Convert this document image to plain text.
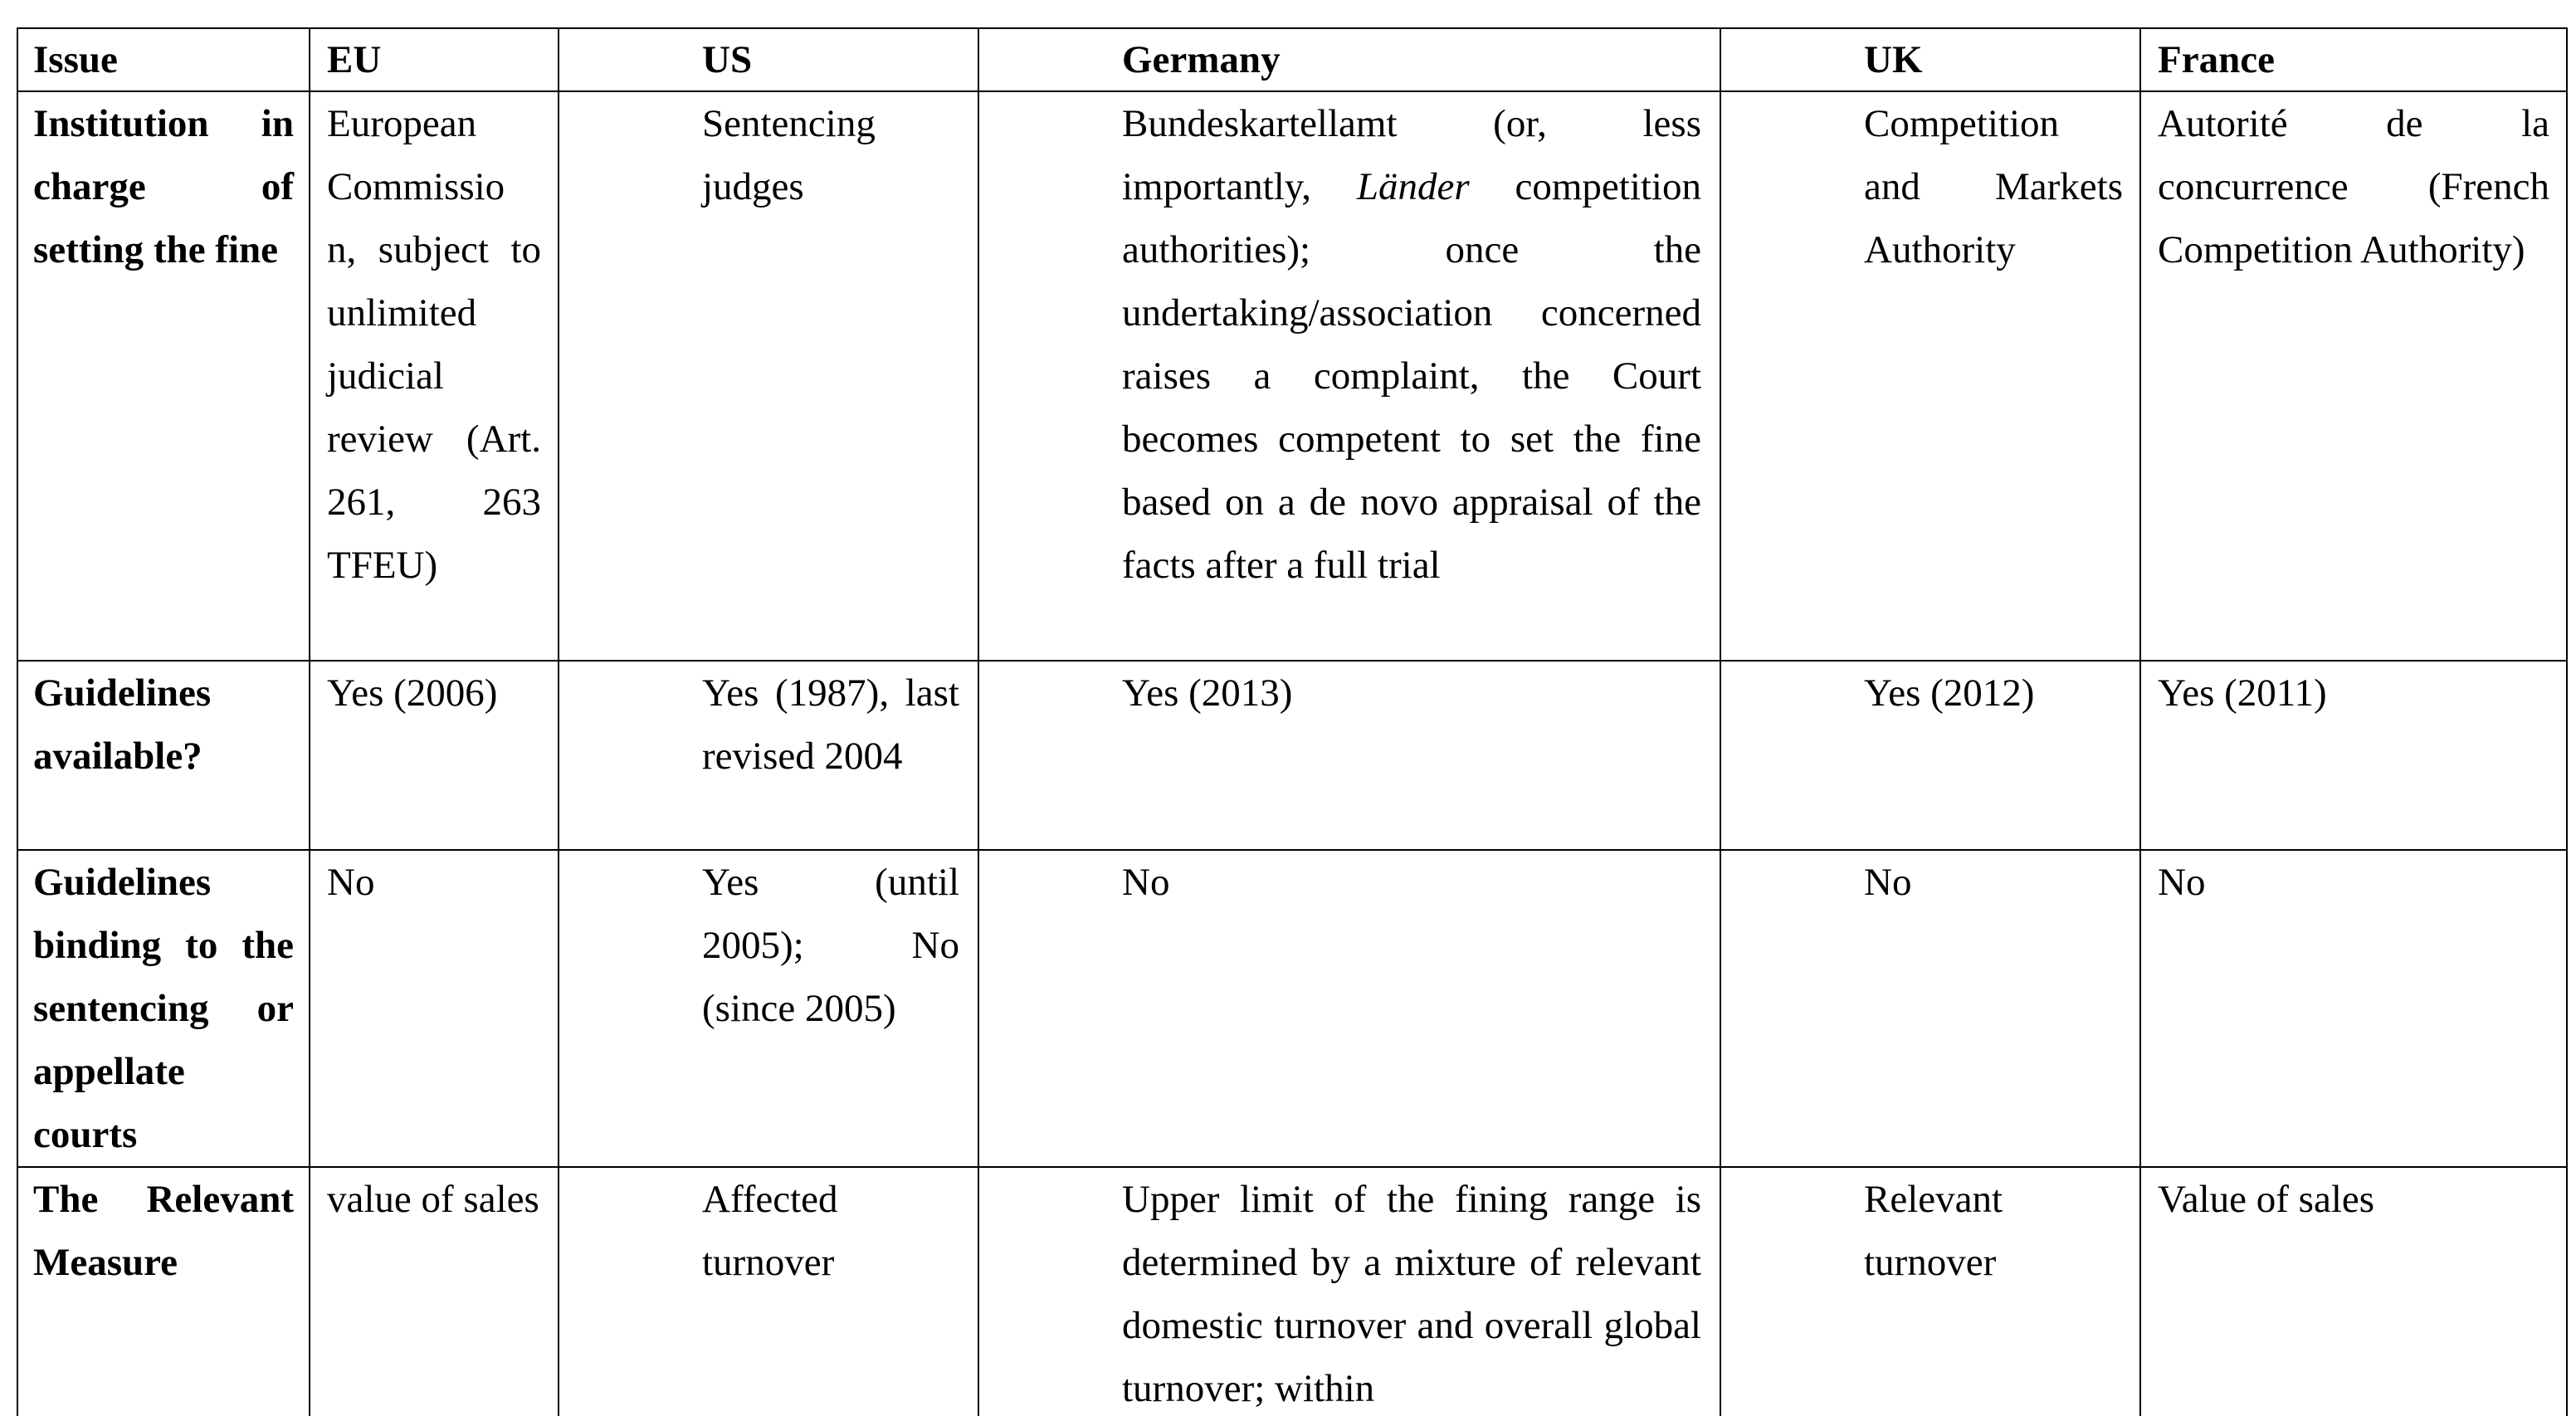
Issue	EU	US	Germany	UK	France

Institution in charge of setting the fine	European Commissio n, subject to unlimited judicial review (Art. 261, 263 TFEU)	Sentencing judges	Bundeskartellamt (or, less importantly, Länder competition authorities); once the undertaking/association concerned raises a complaint, the Court becomes competent to set the fine based on a de novo appraisal of the facts after a full trial	Competition and Markets Authority	Autorité de la concurrence (French Competition Authority)

Guidelines available?	Yes (2006)	Yes (1987), last revised 2004	Yes (2013)	Yes (2012)	Yes (2011)

Guidelines binding to the sentencing or appellate courts	No	Yes (until 2005); No (since 2005)	No	No	No

The Relevant Measure	value of sales	Affected turnover	Upper limit of the fining range is determined by a mixture of relevant domestic turnover and overall global turnover; within	Relevant turnover	Value of sales
